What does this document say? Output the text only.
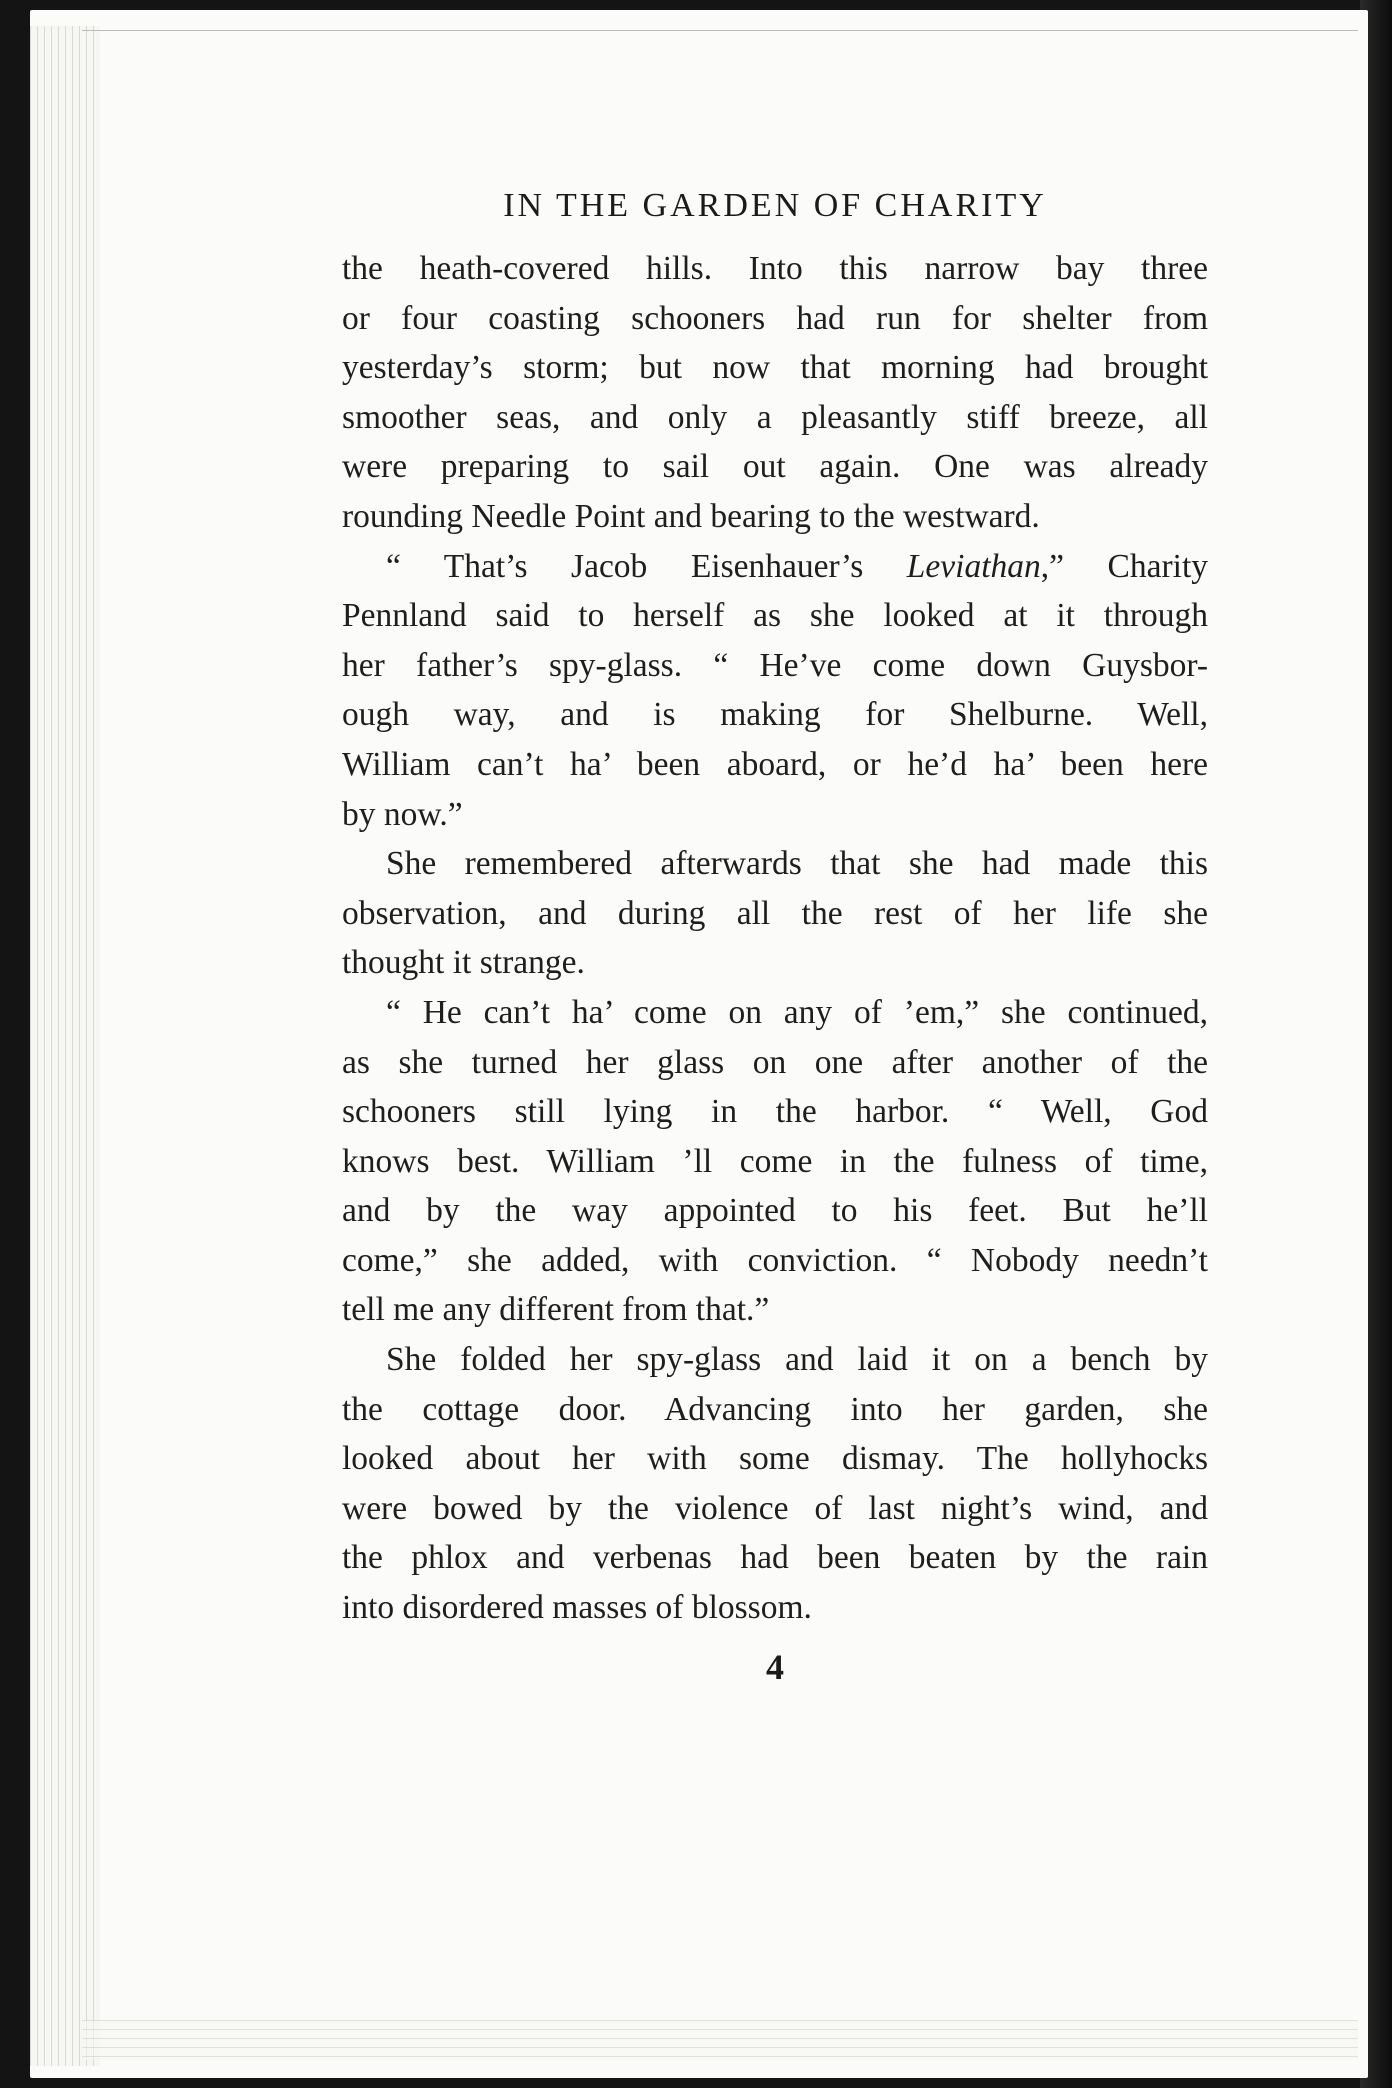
IN THE GARDEN OF CHARITY
the heath-covered hills. Into this narrow bay three
or four coasting schooners had run for shelter from
yesterday’s storm; but now that morning had brought
smoother seas, and only a pleasantly stiff breeze, all
were preparing to sail out again. One was already
rounding Needle Point and bearing to the westward.
“ That’s Jacob Eisenhauer’s Leviathan,” Charity
Pennland said to herself as she looked at it through
her father’s spy-glass. “ He’ve come down Guysbor-
ough way, and is making for Shelburne. Well,
William can’t ha’ been aboard, or he’d ha’ been here
by now.”
She remembered afterwards that she had made this
observation, and during all the rest of her life she
thought it strange.
“ He can’t ha’ come on any of ’em,” she continued,
as she turned her glass on one after another of the
schooners still lying in the harbor. “ Well, God
knows best. William ’ll come in the fulness of time,
and by the way appointed to his feet. But he’ll
come,” she added, with conviction. “ Nobody needn’t
tell me any different from that.”
She folded her spy-glass and laid it on a bench by
the cottage door. Advancing into her garden, she
looked about her with some dismay. The hollyhocks
were bowed by the violence of last night’s wind, and
the phlox and verbenas had been beaten by the rain
into disordered masses of blossom.
4
